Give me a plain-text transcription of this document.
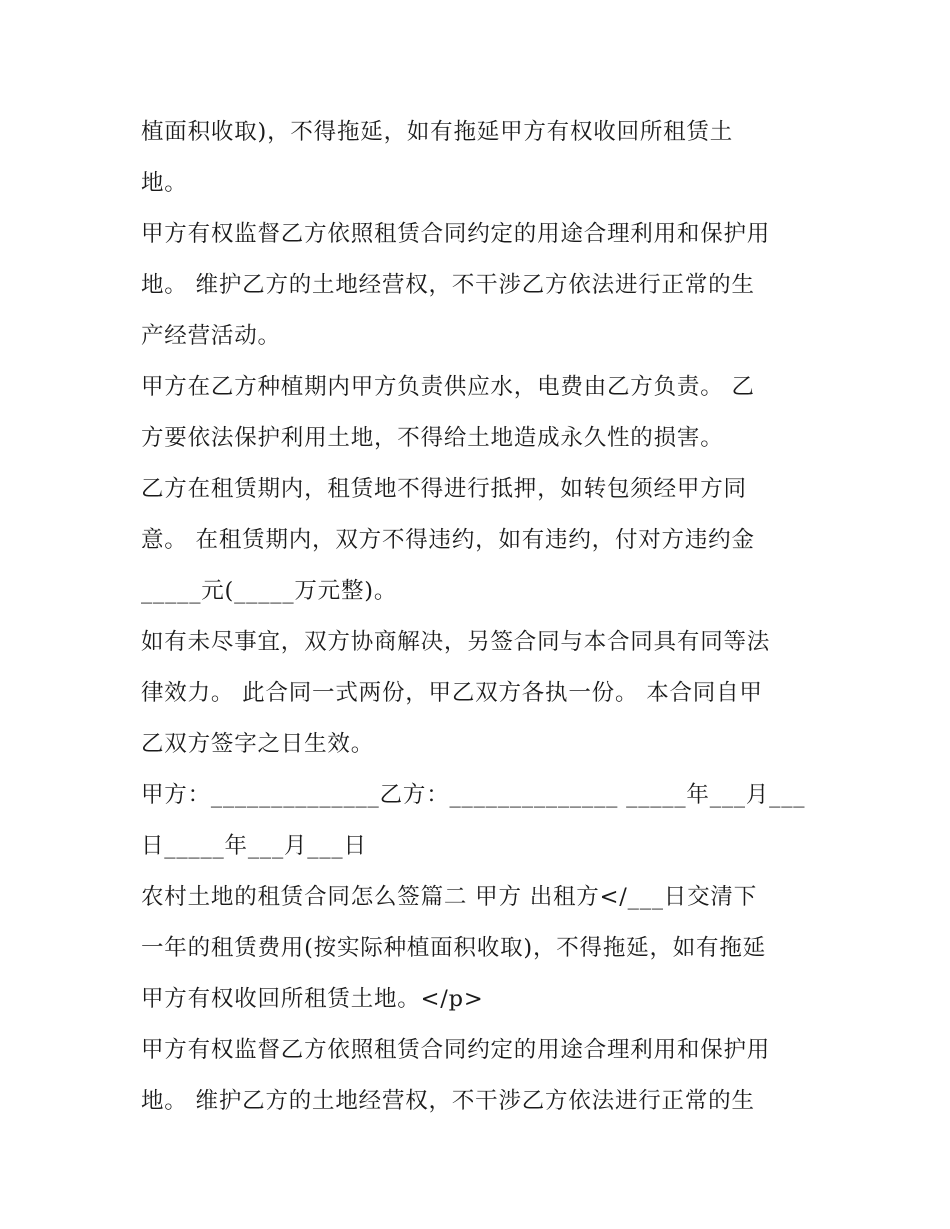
植面积收取)，不得拖延，如有拖延甲方有权收回所租赁土
地。
甲方有权监督乙方依照租赁合同约定的用途合理利用和保护用
地。 维护乙方的土地经营权，不干涉乙方依法进行正常的生
产经营活动。
甲方在乙方种植期内甲方负责供应水，电费由乙方负责。 乙
方要依法保护利用土地，不得给土地造成永久性的损害。
乙方在租赁期内，租赁地不得进行抵押，如转包须经甲方同
意。 在租赁期内，双方不得违约，如有违约，付对方违约金
_____元(_____万元整)。
如有未尽事宜，双方协商解决，另签合同与本合同具有同等法
律效力。 此合同一式两份，甲乙双方各执一份。 本合同自甲
乙双方签字之日生效。
甲方：______________乙方：______________ _____年___月___
日_____年___月___日
农村土地的租赁合同怎么签篇二 甲方 出租方</___日交清下
一年的租赁费用(按实际种植面积收取)，不得拖延，如有拖延
甲方有权收回所租赁土地。</p>
甲方有权监督乙方依照租赁合同约定的用途合理利用和保护用
地。 维护乙方的土地经营权，不干涉乙方依法进行正常的生
